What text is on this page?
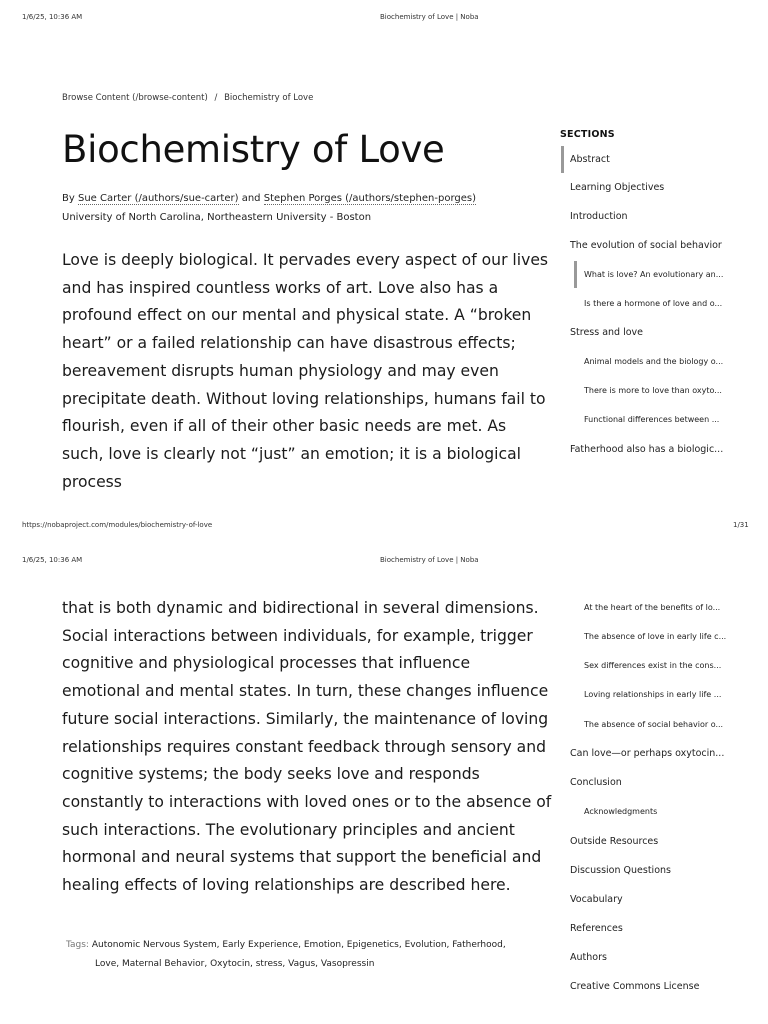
1/6/25, 10:36 AM	Biochemistry of Love | Noba
Browse Content (/browse-content) / Biochemistry of Love
Biochemistry of Love
By Sue Carter (/authors/sue-carter) and Stephen Porges (/authors/stephen-porges)
University of North Carolina, Northeastern University - Boston
Love is deeply biological. It pervades every aspect of our lives and has inspired countless works of art. Love also has a profound effect on our mental and physical state. A “broken heart” or a failed relationship can have disastrous effects; bereavement disrupts human physiology and may even precipitate death. Without loving relationships, humans fail to flourish, even if all of their other basic needs are met. As such, love is clearly not “just” an emotion; it is a biological process
SECTIONS
Abstract
Learning Objectives
Introduction
The evolution of social behavior
What is love? An evolutionary an...
Is there a hormone of love and o...
Stress and love
Animal models and the biology o...
There is more to love than oxyto...
Functional differences between ...
Fatherhood also has a biologic...
https://nobaproject.com/modules/biochemistry-of-love	1/31
1/6/25, 10:36 AM	Biochemistry of Love | Noba
that is both dynamic and bidirectional in several dimensions. Social interactions between individuals, for example, trigger cognitive and physiological processes that influence emotional and mental states. In turn, these changes influence future social interactions. Similarly, the maintenance of loving relationships requires constant feedback through sensory and cognitive systems; the body seeks love and responds constantly to interactions with loved ones or to the absence of such interactions. The evolutionary principles and ancient hormonal and neural systems that support the beneficial and healing effects of loving relationships are described here.
Tags: Autonomic Nervous System, Early Experience, Emotion, Epigenetics, Evolution, Fatherhood,
Love, Maternal Behavior, Oxytocin, stress, Vagus, Vasopressin
At the heart of the benefits of lo...
The absence of love in early life c...
Sex differences exist in the cons...
Loving relationships in early life ...
The absence of social behavior o...
Can love—or perhaps oxytocin...
Conclusion
Acknowledgments
Outside Resources
Discussion Questions
Vocabulary
References
Authors
Creative Commons License
